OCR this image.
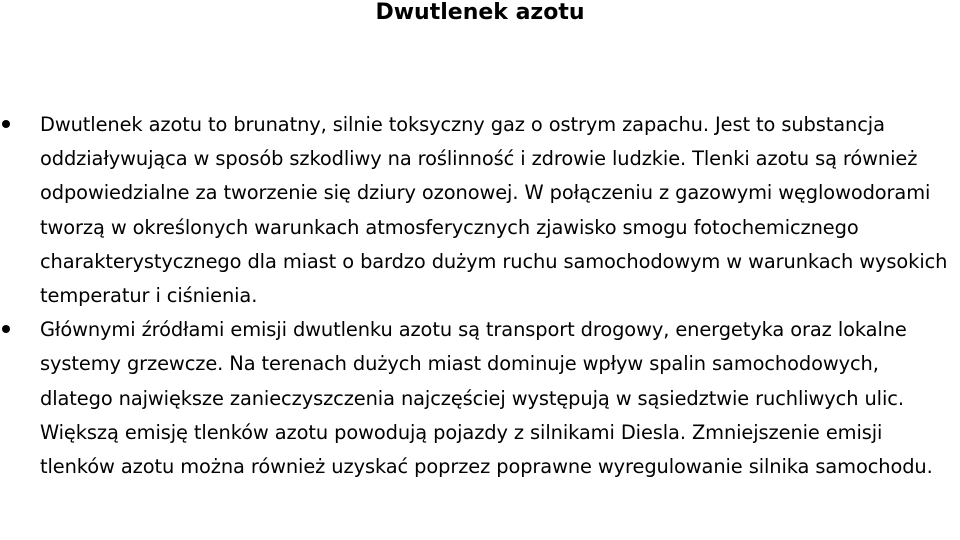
Dwutlenek azotu
Dwutlenek azotu to brunatny, silnie toksyczny gaz o ostrym zapachu. Jest to substancja oddziaływująca w sposób szkodliwy na roślinność i zdrowie ludzkie. Tlenki azotu są również odpowiedzialne za tworzenie się dziury ozonowej. W połączeniu z gazowymi węglowodorami tworzą w określonych warunkach atmosferycznych zjawisko smogu fotochemicznego charakterystycznego dla miast o bardzo dużym ruchu samochodowym w warunkach wysokich temperatur i ciśnienia.
Głównymi źródłami emisji dwutlenku azotu są transport drogowy, energetyka oraz lokalne systemy grzewcze. Na terenach dużych miast dominuje wpływ spalin samochodowych, dlatego największe zanieczyszczenia najczęściej występują w sąsiedztwie ruchliwych ulic. Większą emisję tlenków azotu powodują pojazdy z silnikami Diesla. Zmniejszenie emisji tlenków azotu można również uzyskać poprzez poprawne wyregulowanie silnika samochodu.
